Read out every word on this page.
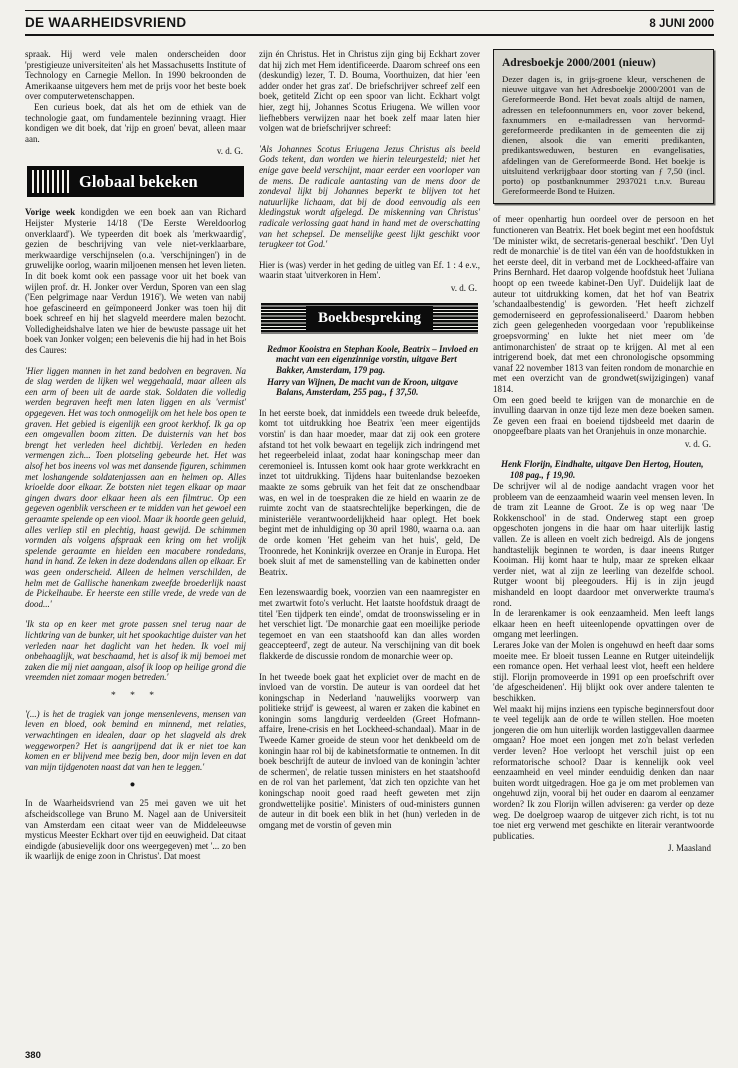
DE WAARHEIDSVRIEND	8 JUNI 2000

spraak. Hij werd vele malen onderscheiden door 'prestigieuze universiteiten' als het Massachusetts Institute of Technology en Carnegie Mellon. In 1990 bekroonden de Amerikaanse uitgevers hem met de prijs voor het beste boek over computerwetenschappen.

Een curieus boek, dat als het om de ethiek van de technologie gaat, om fundamentele bezinning vraagt. Hier kondigen we dit boek, dat 'rijp en groen' bevat, alleen maar aan.

v. d. G.
Globaal bekeken

Vorige week kondigden we een boek aan van Richard Heijster Mysterie 14/18 ('De Eerste Wereldoorlog onverklaard'). We typeerden dit boek als 'merkwaardig', gezien de beschrijving van vele niet-verklaarbare, merkwaardige verschijnselen (o.a. 'verschijningen') in de gruwelijke oorlog, waarin miljoenen mensen het leven lieten. In dit boek komt ook een passage voor uit het boek van wijlen prof. dr. H. Jonker over Verdun, Sporen van een slag ('Een pelgrimage naar Verdun 1916'). We weten van nabij hoe gefascineerd en geïmponeerd Jonker was toen hij dit boek schreef en hij het slagveld meerdere malen bezocht. Volledigheidshalve laten we hier de bewuste passage uit het boek van Jonker volgen; een belevenis die hij had in het Bois des Caures:

'Hier liggen mannen in het zand bedolven en begraven. Na de slag werden de lijken wel weggehaald, maar alleen als een arm of been uit de aarde stak. Soldaten die volledig werden begraven heeft men laten liggen en als 'vermist' opgegeven. Het was toch onmogelijk om het hele bos open te graven. Het gebied is eigenlijk een groot kerkhof. Ik ga op een omgevallen boom zitten. De duisternis van het bos brengt het verleden heel dichtbij. Verleden en heden vermengen zich... Toen plotseling gebeurde het. Het was alsof het bos ineens vol was met dansende figuren, schimmen met loshangende soldatenjassen aan en helmen op. Alles krioelde door elkaar. Ze botsten niet tegen elkaar op maar gingen dwars door elkaar heen als een filmtruc. Op een gegeven ogenblik verscheen er te midden van het gewoel een geraamte spelende op een viool. Maar ik hoorde geen geluid, alles verliep stil en plechtig, haast gewijd. De schimmen vormden als volgens afspraak een kring om het vrolijk spelende geraamte en hielden een macabere rondedans, hand in hand. Ze leken in deze dodendans allen op elkaar. Er was geen onderscheid. Alleen de helmen verschilden, de helm met de Gallische hanenkam zweefde broederlijk naast de Pickelhaube. Er heerste een stille vrede, de vrede van de dood...'

'Ik sta op en keer met grote passen snel terug naar de lichtkring van de bunker, uit het spookachtige duister van het verleden naar het daglicht van het heden. Ik voel mij onbehaaglijk, wat beschaamd, het is alsof ik mij bemoei met zaken die mij niet aangaan, alsof ik loop op heilige grond die vreemden niet zomaar mogen betreden.'

* * *

'(...) is het de tragiek van jonge mensenlevens, mensen van leven en bloed, ook bemind en minnend, met relaties, verwachtingen en idealen, daar op het slagveld als drek weggeworpen? Het is aangrijpend dat ik er niet toe kan komen en er blijvend mee bezig ben, door mijn leven en dat van mijn tijdgenoten naast dat van hen te leggen.'

●

In de Waarheidsvriend van 25 mei gaven we uit het afscheidscollege van Bruno M. Nagel aan de Universiteit van Amsterdam een citaat weer van de Middeleeuwse mysticus Meester Eckhart over tijd en eeuwigheid. Dat citaat eindigde (abusievelijk door ons weergegeven) met '... zo ben ik waarlijk de enige zoon in Christus'. Dat moest

zijn én Christus. Het in Christus zijn ging bij Eckhart zover dat hij zich met Hem identificeerde. Daarom schreef ons een (deskundig) lezer, T. D. Bouma, Voorthuizen, dat hier 'een adder onder het gras zat'. De briefschrijver schreef zelf een boek, getiteld Zicht op een spoor van licht. Eckhart volgt hier, zegt hij, Johannes Scotus Eriugena. We willen voor liefhebbers verwijzen naar het boek zelf maar laten hier volgen wat de briefschrijver schreef:

'Als Johannes Scotus Eriugena Jezus Christus als beeld Gods tekent, dan worden we hierin teleurgesteld; niet het enige gave beeld verschijnt, maar eerder een voorloper van de mens. De radicale aantasting van de mens door de zondeval lijkt bij Johannes beperkt te blijven tot het natuurlijke lichaam, dat bij de dood eenvoudig als een kledingstuk wordt afgelegd. De miskenning van Christus' radicale verlossing gaat hand in hand met de overschatting van het schepsel. De menselijke geest lijkt geschikt voor terugkeer tot God.'

Hier is (was) verder in het geding de uitleg van Ef. 1 : 4 e.v., waarin staat 'uitverkoren in Hem'.

v. d. G.
Boekbespreking
Redmor Kooistra en Stephan Koole, Beatrix – Invloed en macht van een eigenzinnige vorstin, uitgave Bert Bakker, Amsterdam, 179 pag.
Harry van Wijnen, De macht van de Kroon, uitgave Balans, Amsterdam, 255 pag., ƒ 37,50.

In het eerste boek, dat inmiddels een tweede druk beleefde, komt tot uitdrukking hoe Beatrix 'een meer eigentijds vorstin' is dan haar moeder, maar dat zij ook een grotere afstand tot het volk bewaart en tegelijk zich indringend met het regeerbeleid inlaat, zodat haar koningschap meer dan ceremonieel is. Intussen komt ook haar grote werkkracht en inzet tot uitdrukking. Tijdens haar buitenlandse bezoeken maakte ze soms gebruik van het feit dat ze onschendbaar was, en wel in de toespraken die ze hield en waarin ze de ruimte zocht van de staatsrechtelijke beperkingen, die de ministeriële verantwoordelijkheid haar oplegt. Het boek begint met de inhuldiging op 30 april 1980, waarna o.a. aan de orde komen 'Het geheim van het huis', geld, De Troonrede, het Koninkrijk overzee en Oranje in Europa. Het boek sluit af met de samenstelling van de kabinetten onder Beatrix.

Een lezenswaardig boek, voorzien van een naamregister en met zwartwit foto's verlucht. Het laatste hoofdstuk draagt de titel 'Een tijdperk ten einde', omdat de troonswisseling er in het verschiet ligt. 'De monarchie gaat een moeilijke periode tegemoet en van een staatshoofd kan dan alles worden geaccepteerd', zegt de auteur. Na verschijning van dit boek flakkerde de discussie rondom de monarchie weer op.

In het tweede boek gaat het expliciet over de macht en de invloed van de vorstin. De auteur is van oordeel dat het koningschap in Nederland 'nauwelijks voorwerp van politieke strijd' is geweest, al waren er zaken die kabinet en koningin soms langdurig verdeelden (Greet Hofmann-affaire, Irene-crisis en het Lockheed-schandaal). Maar in de Tweede Kamer groeide de steun voor het denkbeeld om de koningin haar rol bij de kabinetsformatie te ontnemen. In dit boek beschrijft de auteur de invloed van de koningin 'achter de schermen', de relatie tussen ministers en het staatshoofd en de rol van het parlement, 'dat zich ten opzichte van het koningschap nooit goed raad heeft geweten met zijn grondwettelijke positie'. Ministers of oud-ministers gunnen de auteur in dit boek een blik in het (hun) verleden in de omgang met de vorstin of geven min

Adresboekje 2000/2001 (nieuw)

Dezer dagen is, in grijs-groene kleur, verschenen de nieuwe uitgave van het Adresboekje 2000/2001 van de Gereformeerde Bond. Het bevat zoals altijd de namen, adressen en telefoonnummers en, voor zover bekend, faxnummers en e-mailadressen van hervormd-gereformeerde predikanten in de gemeenten die zij dienen, alsook die van emeriti predikanten, predikantsweduwen, besturen en evangelisaties, afdelingen van de Gereformeerde Bond. Het boekje is uitsluitend verkrijgbaar door storting van ƒ 7,50 (incl. porto) op postbanknummer 2937021 t.n.v. Bureau Gereformeerde Bond te Huizen.

of meer openhartig hun oordeel over de persoon en het functioneren van Beatrix. Het boek begint met een hoofdstuk 'De minister wikt, de secretaris-generaal beschikt'. 'Den Uyl redt de monarchie' is de titel van één van de hoofdstukken in het eerste deel, dit in verband met de Lockheed-affaire van Prins Bernhard. Het daarop volgende hoofdstuk heet 'Juliana hoopt op een tweede kabinet-Den Uyl'. Duidelijk laat de auteur tot uitdrukking komen, dat het hof van Beatrix 'schandaalbestendig' is geworden. 'Het heeft zichzelf gemoderniseerd en geprofessionaliseerd.' Daarom hebben zich geen gelegenheden voorgedaan voor 'republikeinse groepsvorming' en lukte het niet meer om 'de antimonarchisten' de straat op te krijgen. Al met al een intrigerend boek, dat met een chronologische opsomming vanaf 22 november 1813 van feiten rondom de monarchie en met een overzicht van de grondwet(swijzigingen) vanaf 1814.

Om een goed beeld te krijgen van de monarchie en de invulling daarvan in onze tijd leze men deze boeken samen. Ze geven een fraai en boeiend tijdsbeeld met daarin de onopgeefbare plaats van het Oranjehuis in onze monarchie.

v. d. G.
Henk Florijn, Eindhalte, uitgave Den Hertog, Houten, 108 pag., ƒ 19,90.

De schrijver wil al de nodige aandacht vragen voor het probleem van de eenzaamheid waarin veel mensen leven. In de tram zit Leanne de Groot. Ze is op weg naar 'De Rokkenschool' in de stad. Onderweg stapt een groep opgeschoten jongens in die haar om haar uiterlijk lastig vallen. Ze is alleen en voelt zich bedreigd. Als de jongens handtastelijk beginnen te worden, is daar ineens Rutger Kooiman. Hij komt haar te hulp, maar ze spreken elkaar verder niet, wat al zijn ze leerling van dezelfde school. Rutger woont bij pleegouders. Hij is in zijn jeugd mishandeld en loopt daardoor met onverwerkte trauma's rond.

In de lerarenkamer is ook eenzaamheid. Men leeft langs elkaar heen en heeft uiteenlopende opvattingen over de omgang met leerlingen.

Lerares Joke van der Molen is ongehuwd en heeft daar soms moeite mee. Er bloeit tussen Leanne en Rutger uiteindelijk een romance open. Het verhaal leest vlot, heeft een heldere stijl. Florijn promoveerde in 1991 op een proefschrift over 'de afgescheidenen'. Hij blijkt ook over andere talenten te beschikken.

Wel maakt hij mijns inziens een typische beginnersfout door te veel tegelijk aan de orde te willen stellen. Hoe moeten jongeren die om hun uiterlijk worden lastiggevallen daarmee omgaan? Hoe moet een jongen met zo'n belast verleden verder leven? Hoe verloopt het verschil juist op een reformatorische school? Daar is kennelijk ook veel eenzaamheid en veel minder eenduidig denken dan naar buiten wordt uitgedragen. Hoe ga je om met problemen van ongehuwd zijn, vooral bij het ouder en daarom al eenzamer worden? Ik zou Florijn willen adviseren: ga verder op deze weg. De doelgroep waarop de uitgever zich richt, is tot nu toe niet erg verwend met geschikte en literair verantwoorde publicaties.

J. Maasland
380
